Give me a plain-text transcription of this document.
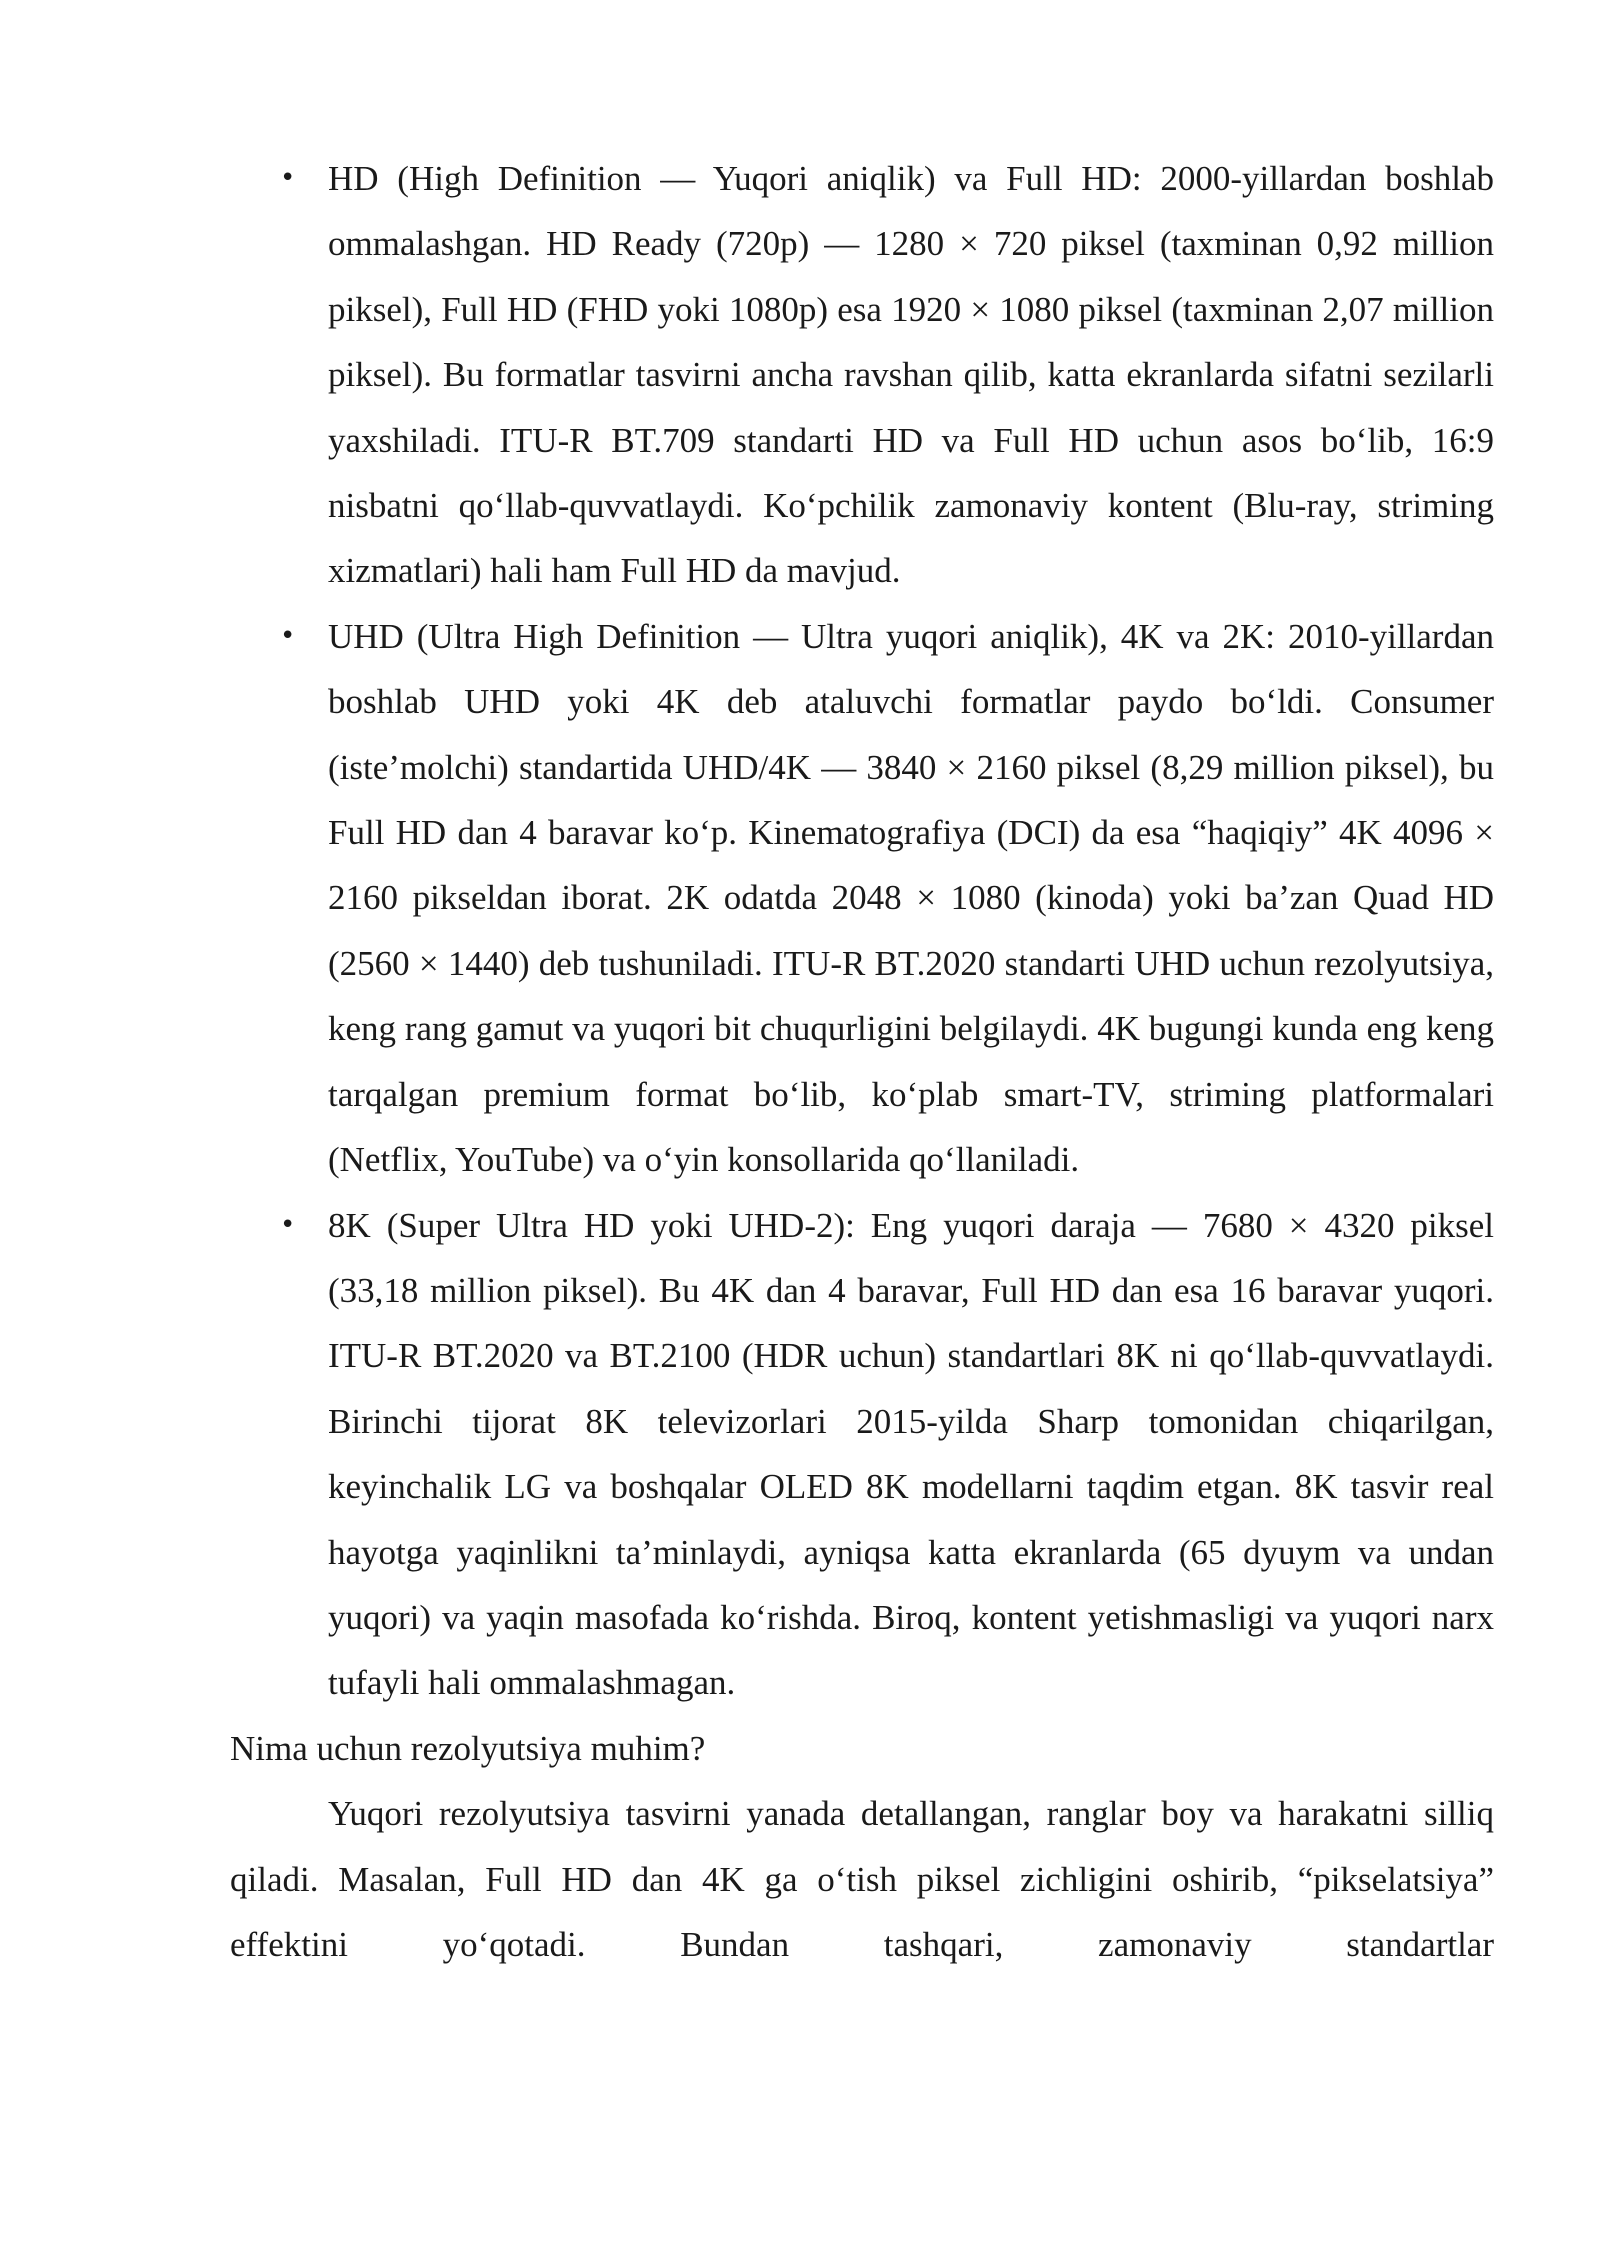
• HD (High Definition — Yuqori aniqlik) va Full HD: 2000-yillardan boshlab ommalashgan. HD Ready (720p) — 1280 × 720 piksel (taxminan 0,92 million piksel), Full HD (FHD yoki 1080p) esa 1920 × 1080 piksel (taxminan 2,07 million piksel). Bu formatlar tasvirni ancha ravshan qilib, katta ekranlarda sifatni sezilarli yaxshiladi. ITU-R BT.709 standarti HD va Full HD uchun asos bo‘lib, 16:9 nisbatni qo‘llab-quvvatlaydi. Ko‘pchilik zamonaviy kontent (Blu-ray, striming xizmatlari) hali ham Full HD da mavjud.
• UHD (Ultra High Definition — Ultra yuqori aniqlik), 4K va 2K: 2010-yillardan boshlab UHD yoki 4K deb ataluvchi formatlar paydo bo‘ldi. Consumer (iste’molchi) standartida UHD/4K — 3840 × 2160 piksel (8,29 million piksel), bu Full HD dan 4 baravar ko‘p. Kinematografiya (DCI) da esa “haqiqiy” 4K 4096 × 2160 pikseldan iborat. 2K odatda 2048 × 1080 (kinoda) yoki ba’zan Quad HD (2560 × 1440) deb tushuniladi. ITU-R BT.2020 standarti UHD uchun rezolyutsiya, keng rang gamut va yuqori bit chuqurligini belgilaydi. 4K bugungi kunda eng keng tarqalgan premium format bo‘lib, ko‘plab smart-TV, striming platformalari (Netflix, YouTube) va o‘yin konsollarida qo‘llaniladi.
• 8K (Super Ultra HD yoki UHD-2): Eng yuqori daraja — 7680 × 4320 piksel (33,18 million piksel). Bu 4K dan 4 baravar, Full HD dan esa 16 baravar yuqori. ITU-R BT.2020 va BT.2100 (HDR uchun) standartlari 8K ni qo‘llab-quvvatlaydi. Birinchi tijorat 8K televizorlari 2015-yilda Sharp tomonidan chiqarilgan, keyinchalik LG va boshqalar OLED 8K modellarni taqdim etgan. 8K tasvir real hayotga yaqinlikni ta’minlaydi, ayniqsa katta ekranlarda (65 dyuym va undan yuqori) va yaqin masofada ko‘rishda. Biroq, kontent yetishmasligi va yuqori narx tufayli hali ommalashmagan.

Nima uchun rezolyutsiya muhim?

Yuqori rezolyutsiya tasvirni yanada detallangan, ranglar boy va harakatni silliq qiladi. Masalan, Full HD dan 4K ga o‘tish piksel zichligini oshirib, “pikselatsiya” effektini yo‘qotadi. Bundan tashqari, zamonaviy standartlar
